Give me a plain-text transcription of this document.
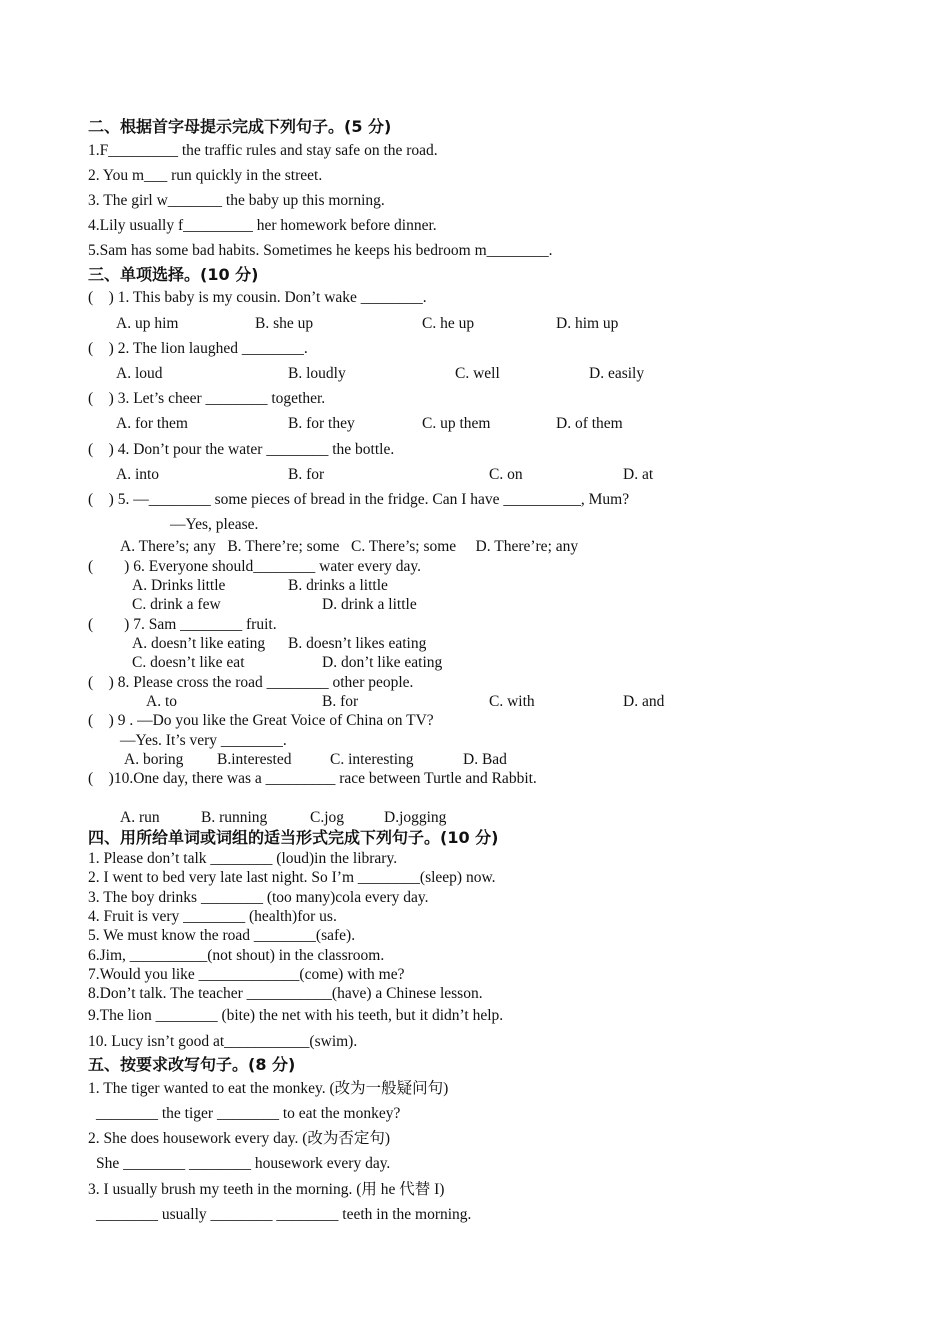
二、根据首字母提示完成下列句子。(5 分)
1.F_________ the traffic rules and stay safe on the road.
2. You m___ run quickly in the street.
3. The girl w_______ the baby up this morning.
4.Lily usually f_________ her homework before dinner.
5.Sam has some bad habits. Sometimes he keeps his bedroom m________.
三、单项选择。(10 分)
(    ) 1. This baby is my cousin. Don’t wake ________.
A. up him	B. she up	C. he up	D. him up
(    ) 2. The lion laughed ________.
A. loud	B. loudly	C. well	D. easily
(    ) 3. Let’s cheer ________ together.
A. for them	B. for they	C. up them	D. of them
(    ) 4. Don’t pour the water ________ the bottle.
A. into	B. for	C. on	D. at
(    ) 5. —________ some pieces of bread in the fridge. Can I have __________, Mum?
—Yes, please.
A. There’s; any   B. There’re; some   C. There’s; some     D. There’re; any
(        ) 6. Everyone should________ water every day.
A. Drinks little	B. drinks a little
C. drink a few	D. drink a little
(        ) 7. Sam ________ fruit.
A. doesn’t like eating B. doesn’t likes eating
C. doesn’t like eat	D. don’t like eating
(    ) 8. Please cross the road ________ other people.
A. to	B. for	C. with	D. and
(    ) 9 . —Do you like the Great Voice of China on TV?
—Yes. It’s very ________.
A. boring B.interested C. interesting	D. Bad
(    )10.One day, there was a _________ race between Turtle and Rabbit.
A. run	B. running	C.jog	D.jogging
四、用所给单词或词组的适当形式完成下列句子。(10 分)
1. Please don’t talk ________ (loud)in the library.
2. I went to bed very late last night. So I’m ________(sleep) now.
3. The boy drinks ________ (too many)cola every day.
4. Fruit is very ________ (health)for us.
5. We must know the road ________(safe).
6.Jim, __________(not shout) in the classroom.
7.Would you like _____________(come) with me?
8.Don’t talk. The teacher ___________(have) a Chinese lesson.
9.The lion ________ (bite) the net with his teeth, but it didn’t help.
10. Lucy isn’t good at___________(swim).
五、按要求改写句子。(8 分)
1. The tiger wanted to eat the monkey. (改为一般疑问句)
________ the tiger ________ to eat the monkey?
2. She does housework every day. (改为否定句)
She ________ ________ housework every day.
3. I usually brush my teeth in the morning. (用 he 代替 I)
________ usually ________ ________ teeth in the morning.
